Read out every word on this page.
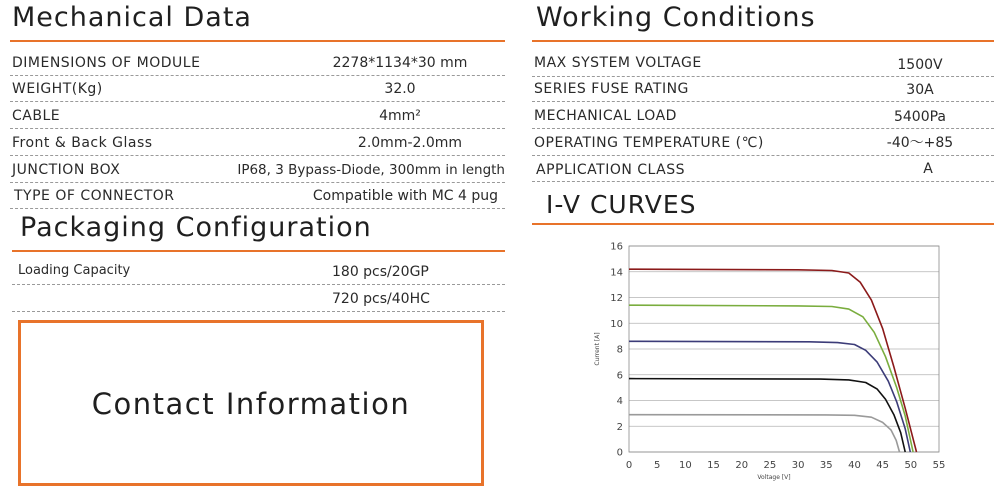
Mechanical Data
DIMENSIONS OF MODULE	2278*1134*30 mm
WEIGHT(Kg)	32.0
CABLE	4mm²
Front & Back Glass	2.0mm-2.0mm
JUNCTION BOX	IP68, 3 Bypass-Diode, 300mm in length
TYPE OF CONNECTOR	Compatible with MC 4 pug
Packaging Configuration
Loading Capacity	180 pcs/20GP
720 pcs/40HC
Contact Information
Working Conditions
MAX SYSTEM VOLTAGE	1500V
SERIES FUSE RATING	30A
MECHANICAL LOAD	5400Pa
OPERATING TEMPERATURE (℃)	-40～+85
APPLICATION CLASS	A
I-V CURVES
0
2
4
6
8
10
12
14
16
0 5 10 15 20 25 30 35 40 45 50 55
Current [A]
Voltage [V]
